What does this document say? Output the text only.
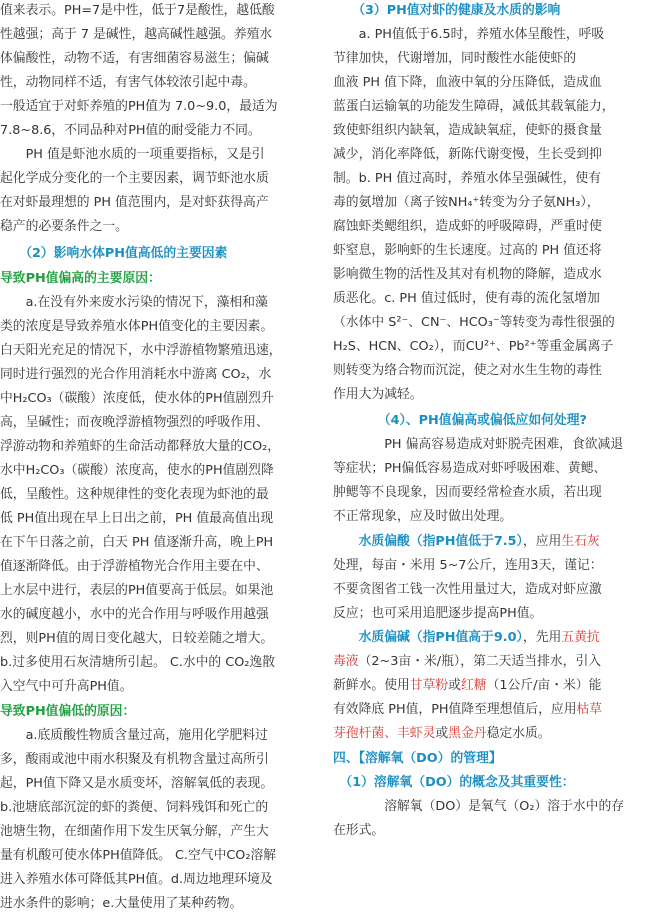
值来表示。PH=7是中性，低于7是酸性，越低酸
性越强；高于 7 是碱性，越高碱性越强。养殖水
体偏酸性，动物不适，有害细菌容易滋生；偏碱
性，动物同样不适，有害气体较浓引起中毒。
一般适宜于对虾养殖的PH值为 7.0~9.0，最适为
7.8~8.6，不同品种对PH值的耐受能力不同。
　　PH 值是虾池水质的一项重要指标，又是引
起化学成分变化的一个主要因素，调节虾池水质
在对虾最理想的 PH 值范围内，是对虾获得高产
稳产的必要条件之一。
　　（2）影响水体PH值高低的主要因素
导致PH值偏高的主要原因：
　　a.在没有外来废水污染的情况下，藻相和藻
类的浓度是导致养殖水体PH值变化的主要因素。
白天阳光充足的情况下，水中浮游植物繁殖迅速，
同时进行强烈的光合作用消耗水中游离 CO₂，水
中H₂CO₃（碳酸）浓度低，使水体的PH值剧烈升
高，呈碱性；而夜晚浮游植物强烈的呼吸作用、
浮游动物和养殖虾的生命活动都释放大量的CO₂，
水中H₂CO₃（碳酸）浓度高，使水的PH值剧烈降
低，呈酸性。这种规律性的变化表现为虾池的最
低 PH值出现在早上日出之前，PH 值最高值出现
在下午日落之前，白天 PH 值逐渐升高，晚上PH
值逐渐降低。由于浮游植物光合作用主要在中、
上水层中进行，表层的PH值要高于低层。如果池
水的碱度越小，水中的光合作用与呼吸作用越强
烈，则PH值的周日变化越大，日较差随之增大。
b.过多使用石灰清塘所引起。 C.水中的 CO₂逸散
入空气中可升高PH值。
导致PH值偏低的原因：
　　a.底质酸性物质含量过高，施用化学肥料过
多，酸雨或池中雨水积聚及有机物含量过高所引
起，PH值下降又是水质变坏，溶解氧低的表现。
b.池塘底部沉淀的虾的粪便、饲料残饵和死亡的
池塘生物，在细菌作用下发生厌氧分解，产生大
量有机酸可使水体PH值降低。 C.空气中CO₂溶解
进入养殖水体可降低其PH值。d.周边地理环境及
进水条件的影响；e.大量使用了某种药物。
　　（3）PH值对虾的健康及水质的影响
　　a. PH值低于6.5时，养殖水体呈酸性，呼吸
节律加快，代谢增加，同时酸性水能使虾的
血液 PH 值下降，血液中氧的分压降低，造成血
蓝蛋白运输氧的功能发生障碍，减低其载氧能力，
致使虾组织内缺氧，造成缺氧症，使虾的摄食量
减少，消化率降低，新陈代谢变慢，生长受到抑
制。b. PH 值过高时，养殖水体呈强碱性，使有
毒的氨增加（离子铵NH₄⁺转变为分子氨NH₃），
腐蚀虾类鳃组织，造成虾的呼吸障碍，严重时使
虾窒息，影响虾的生长速度。过高的 PH 值还将
影响微生物的活性及其对有机物的降解，造成水
质恶化。c. PH 值过低时，使有毒的流化氢增加
（水体中 S²⁻、CN⁻、HCO₃⁻等转变为毒性很强的
H₂S、HCN、CO₂），而CU²⁺、Pb²⁺等重金属离子
则转变为络合物而沉淀，使之对水生生物的毒性
作用大为减轻。
　　　　（4）、PH值偏高或偏低应如何处理?
　　　　PH 偏高容易造成对虾脱壳困难，食欲减退
等症状；PH偏低容易造成对虾呼吸困难、黄鳃、
肿鳃等不良现象，因而要经常检查水质，若出现
不正常现象，应及时做出处理。
　　水质偏酸（指PH值低于7.5），应用生石灰
处理，每亩・米用 5~7公斤，连用3天，谨记：
不要贪图省工钱一次性用量过大，造成对虾应激
反应；也可采用追肥逐步提高PH值。
　　水质偏碱（指PH值高于9.0），先用五黄抗
毒液（2~3亩・米/瓶），第二天适当排水，引入
新鲜水。使用甘草粉或红糖（1公斤/亩・米）能
有效降底 PH值，PH值降至理想值后，应用枯草
芽孢杆菌、丰虾灵或黑金丹稳定水质。
四、【溶解氧（DO）的管理】
　（1）溶解氧（DO）的概念及其重要性：
　　　　溶解氧（DO）是氧气（O₂）溶于水中的存
在形式。
